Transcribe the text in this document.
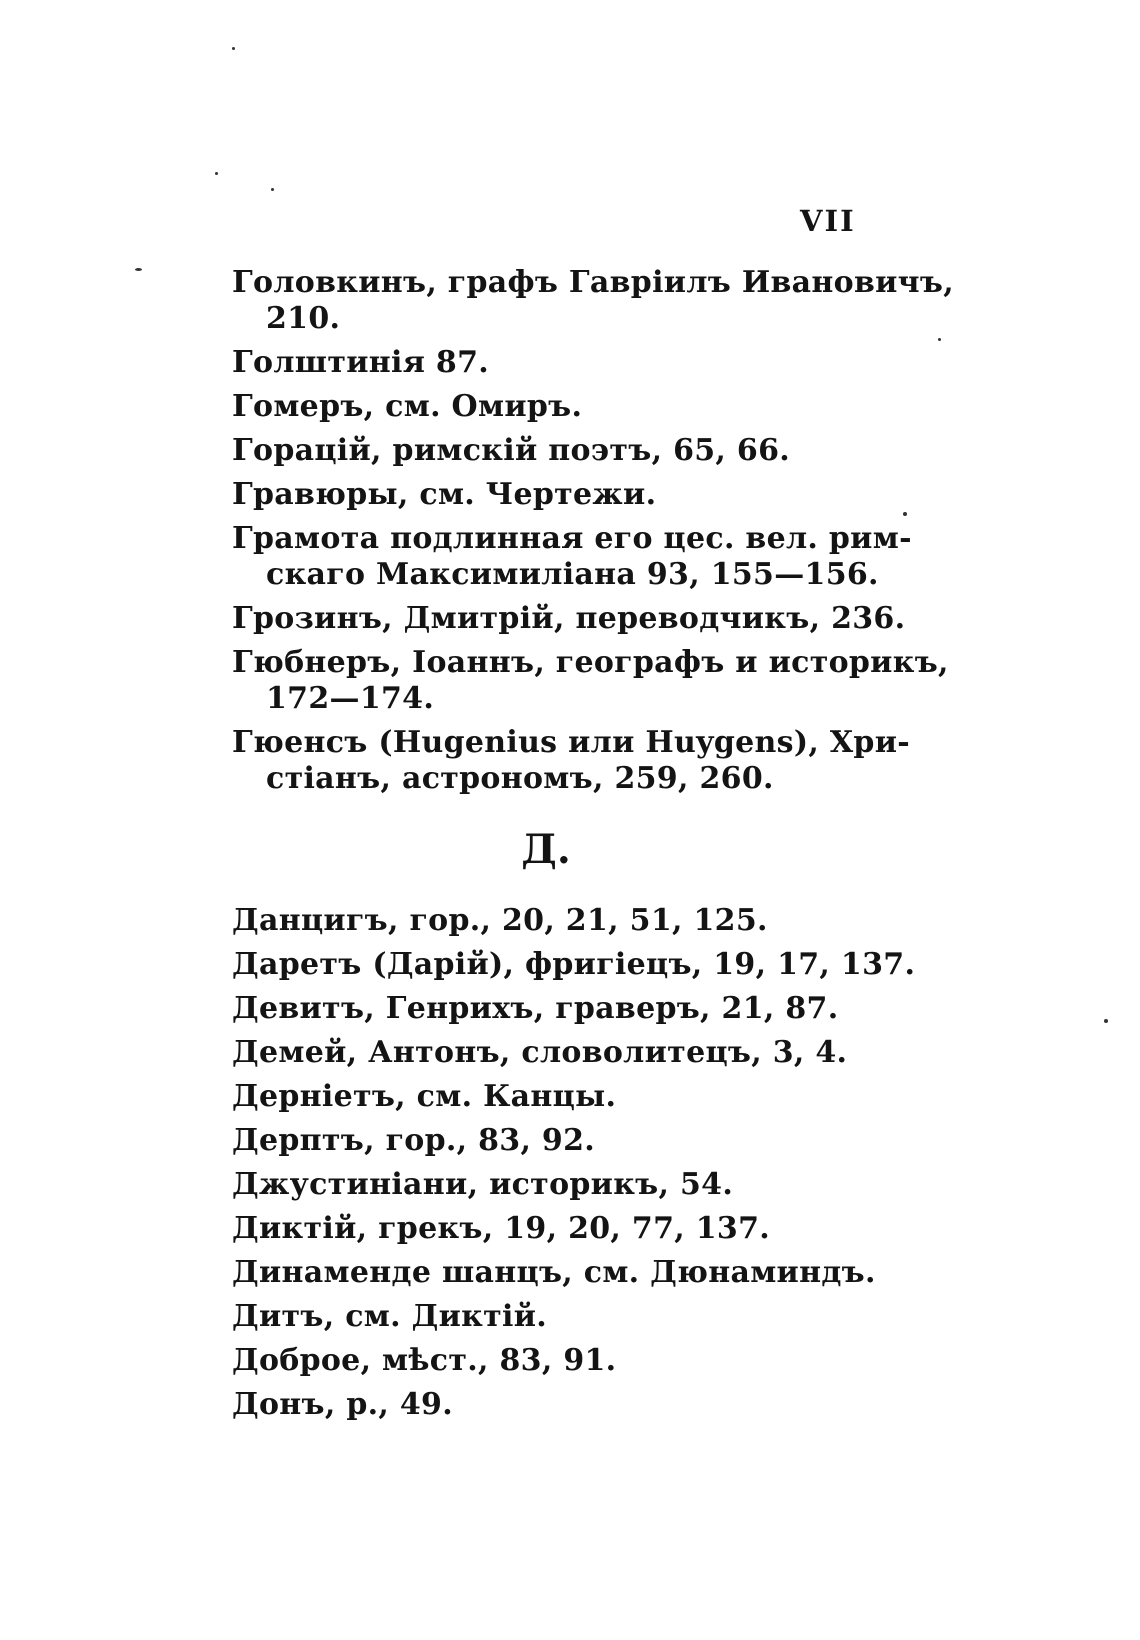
VII
Головкинъ, графъ Гавріилъ Ивановичъ,
210.
Голштинія 87.
Гомеръ, см. Омиръ.
Горацій, римскій поэтъ, 65, 66.
Гравюры, см. Чертежи.
Грамота подлинная его цес. вел. рим-
скаго Максимиліана 93, 155—156.
Грозинъ, Дмитрій, переводчикъ, 236.
Гюбнеръ, Іоаннъ, географъ и историкъ,
172—174.
Гюенсъ (Hugenius или Huygens), Хри-
стіанъ, астрономъ, 259, 260.
Д.
Данцигъ, гор., 20, 21, 51, 125.
Даретъ (Дарій), фригіецъ, 19, 17, 137.
Девитъ, Генрихъ, граверъ, 21, 87.
Демей, Антонъ, словолитецъ, 3, 4.
Дерніетъ, см. Канцы.
Дерптъ, гор., 83, 92.
Джустиніани, историкъ, 54.
Диктій, грекъ, 19, 20, 77, 137.
Динаменде шанцъ, см. Дюнаминдъ.
Дитъ, см. Диктій.
Доброе, мѣст., 83, 91.
Донъ, р., 49.
